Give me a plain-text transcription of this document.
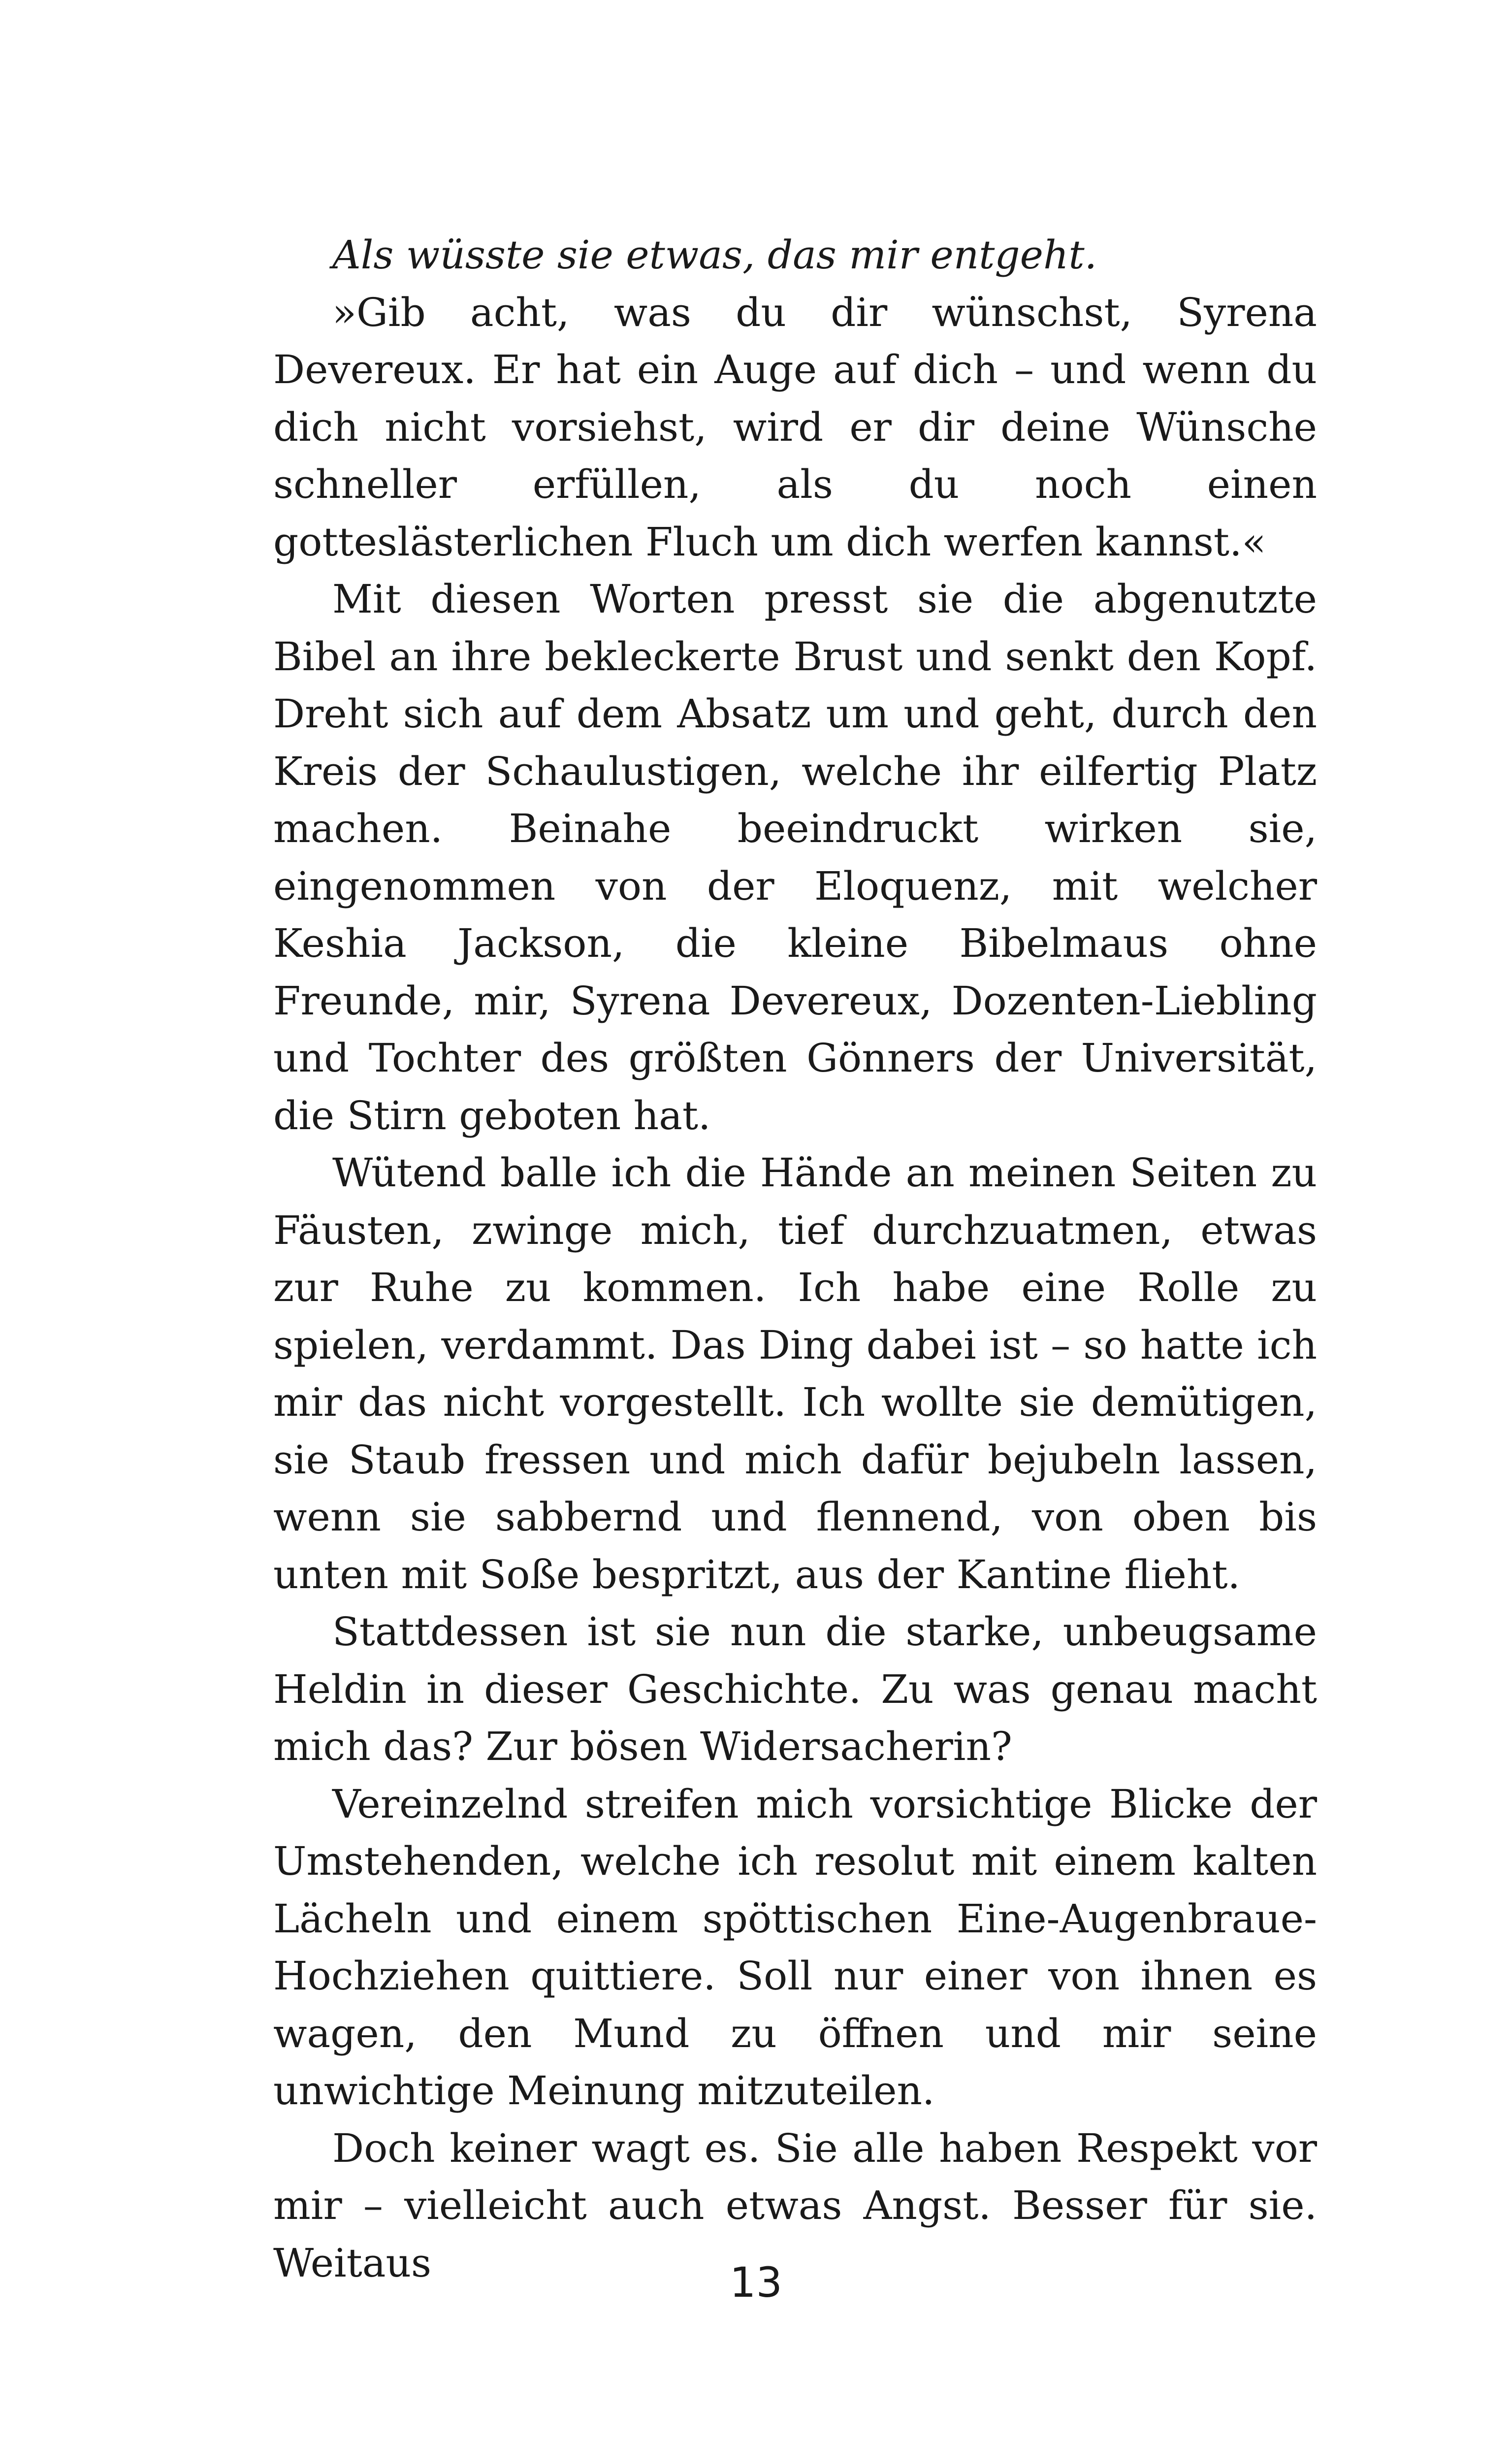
Als wüsste sie etwas, das mir entgeht.

»Gib acht, was du dir wünschst, Syrena Devereux. Er hat ein Auge auf dich – und wenn du dich nicht vorsiehst, wird er dir deine Wünsche schneller erfüllen, als du noch einen gotteslästerlichen Fluch um dich werfen kannst.«

Mit diesen Worten presst sie die abgenutzte Bibel an ihre bekleckerte Brust und senkt den Kopf. Dreht sich auf dem Absatz um und geht, durch den Kreis der Schaulustigen, welche ihr eilfertig Platz machen. Beinahe beeindruckt wirken sie, eingenommen von der Eloquenz, mit welcher Keshia Jackson, die kleine Bibelmaus ohne Freunde, mir, Syrena Devereux, Dozenten-Liebling und Tochter des größten Gönners der Universität, die Stirn geboten hat.

Wütend balle ich die Hände an meinen Seiten zu Fäusten, zwinge mich, tief durchzuatmen, etwas zur Ruhe zu kommen. Ich habe eine Rolle zu spielen, verdammt. Das Ding dabei ist – so hatte ich mir das nicht vorgestellt. Ich wollte sie demütigen, sie Staub fressen und mich dafür bejubeln lassen, wenn sie sabbernd und flennend, von oben bis unten mit Soße bespritzt, aus der Kantine flieht.

Stattdessen ist sie nun die starke, unbeugsame Heldin in dieser Geschichte. Zu was genau macht mich das? Zur bösen Widersacherin?

Vereinzelnd streifen mich vorsichtige Blicke der Umstehenden, welche ich resolut mit einem kalten Lächeln und einem spöttischen Eine-Augenbraue-Hochziehen quittiere. Soll nur einer von ihnen es wagen, den Mund zu öffnen und mir seine unwichtige Meinung mitzuteilen.

Doch keiner wagt es. Sie alle haben Respekt vor mir – vielleicht auch etwas Angst. Besser für sie. Weitaus	13
